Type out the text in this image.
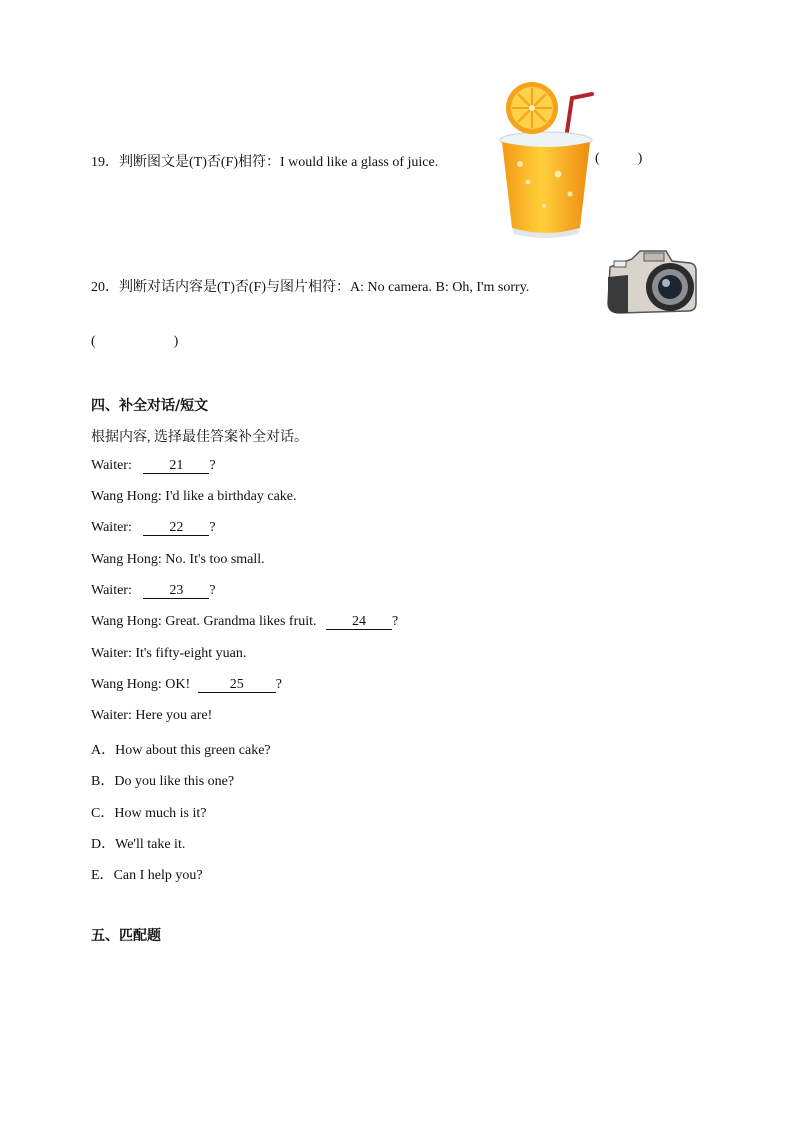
19．判断图文是(T)否(F)相符：I would like a glass of juice.	(	)
20．判断对话内容是(T)否(F)与图片相符：A: No camera. B: Oh, I'm sorry.
(	)
四、补全对话/短文
根据内容, 选择最佳答案补全对话。
Waiter: 21 ?
Wang Hong: I'd like a birthday cake.
Waiter: 22 ?
Wang Hong: No. It's too small.
Waiter: 23 ?
Wang Hong: Great. Grandma likes fruit. 24 ?
Waiter: It's fifty-eight yuan.
Wang Hong: OK!	25 ?
Waiter: Here you are!
A．How about this green cake?
B．Do you like this one?
C．How much is it?
D．We'll take it.
E．Can I help you?
五、匹配题
